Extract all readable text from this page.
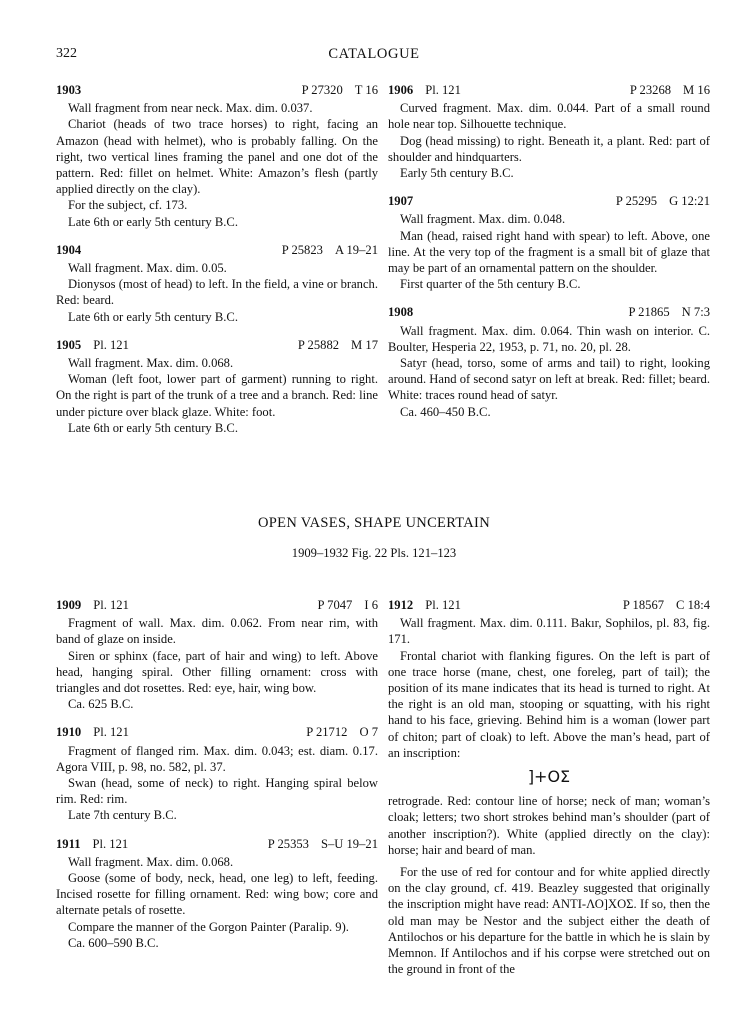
322	CATALOGUE
1903	P 27320 T 16

Wall fragment from near neck. Max. dim. 0.037.

Chariot (heads of two trace horses) to right, facing an Amazon (head with helmet), who is probably falling. On the right, two vertical lines framing the panel and one dot of the pattern. Red: fillet on helmet. White: Amazon’s flesh (partly applied directly on the clay).

For the subject, cf. 173.

Late 6th or early 5th century B.C.

1904	P 25823 A 19–21

Wall fragment. Max. dim. 0.05.

Dionysos (most of head) to left. In the field, a vine or branch. Red: beard.

Late 6th or early 5th century B.C.

1905 Pl. 121	P 25882 M 17

Wall fragment. Max. dim. 0.068.

Woman (left foot, lower part of garment) running to right. On the right is part of the trunk of a tree and a branch. Red: line under picture over black glaze. White: foot.

Late 6th or early 5th century B.C.

1906 Pl. 121	P 23268 M 16

Curved fragment. Max. dim. 0.044. Part of a small round hole near top. Silhouette technique.

Dog (head missing) to right. Beneath it, a plant. Red: part of shoulder and hindquarters.

Early 5th century B.C.

1907	P 25295 G 12:21

Wall fragment. Max. dim. 0.048.

Man (head, raised right hand with spear) to left. Above, one line. At the very top of the fragment is a small bit of glaze that may be part of an ornamental pattern on the shoulder.

First quarter of the 5th century B.C.

1908	P 21865 N 7:3

Wall fragment. Max. dim. 0.064. Thin wash on interior. C. Boulter, Hesperia 22, 1953, p. 71, no. 20, pl. 28.

Satyr (head, torso, some of arms and tail) to right, looking around. Hand of second satyr on left at break. Red: fillet; beard. White: traces round head of satyr.

Ca. 460–450 B.C.

OPEN VASES, SHAPE UNCERTAIN
1909–1932 Fig. 22 Pls. 121–123
1909 Pl. 121	P 7047 I 6

Fragment of wall. Max. dim. 0.062. From near rim, with band of glaze on inside.

Siren or sphinx (face, part of hair and wing) to left. Above head, hanging spiral. Other filling ornament: cross with triangles and dot rosettes. Red: eye, hair, wing bow.

Ca. 625 B.C.

1910 Pl. 121	P 21712 O 7

Fragment of flanged rim. Max. dim. 0.043; est. diam. 0.17. Agora VIII, p. 98, no. 582, pl. 37.

Swan (head, some of neck) to right. Hanging spiral below rim. Red: rim.

Late 7th century B.C.

1911 Pl. 121	P 25353 S–U 19–21

Wall fragment. Max. dim. 0.068.

Goose (some of body, neck, head, one leg) to left, feeding. Incised rosette for filling ornament. Red: wing bow; core and alternate petals of rosette.

Compare the manner of the Gorgon Painter (Paralip. 9).

Ca. 600–590 B.C.

1912 Pl. 121	P 18567 C 18:4

Wall fragment. Max. dim. 0.111. Bakır, Sophilos, pl. 83, fig. 171.

Frontal chariot with flanking figures. On the left is part of one trace horse (mane, chest, one foreleg, part of tail); the position of its mane indicates that its head is turned to right. At the right is an old man, stooping or squatting, with his right hand to his face, grieving. Behind him is a woman (lower part of chiton; part of cloak) to left. Above the man’s head, part of an inscription:

]+OΣ

retrograde. Red: contour line of horse; neck of man; woman’s cloak; letters; two short strokes behind man’s shoulder (part of another inscription?). White (applied directly on the clay): horse; hair and beard of man.

For the use of red for contour and for white applied directly on the clay ground, cf. 419. Beazley suggested that originally the inscription might have read: ANTI-ΛΟ]ΧΟΣ. If so, then the old man may be Nestor and the subject either the death of Antilochos or his departure for the battle in which he is slain by Memnon. If Antilochos and if his corpse were stretched out on the ground in front of the
